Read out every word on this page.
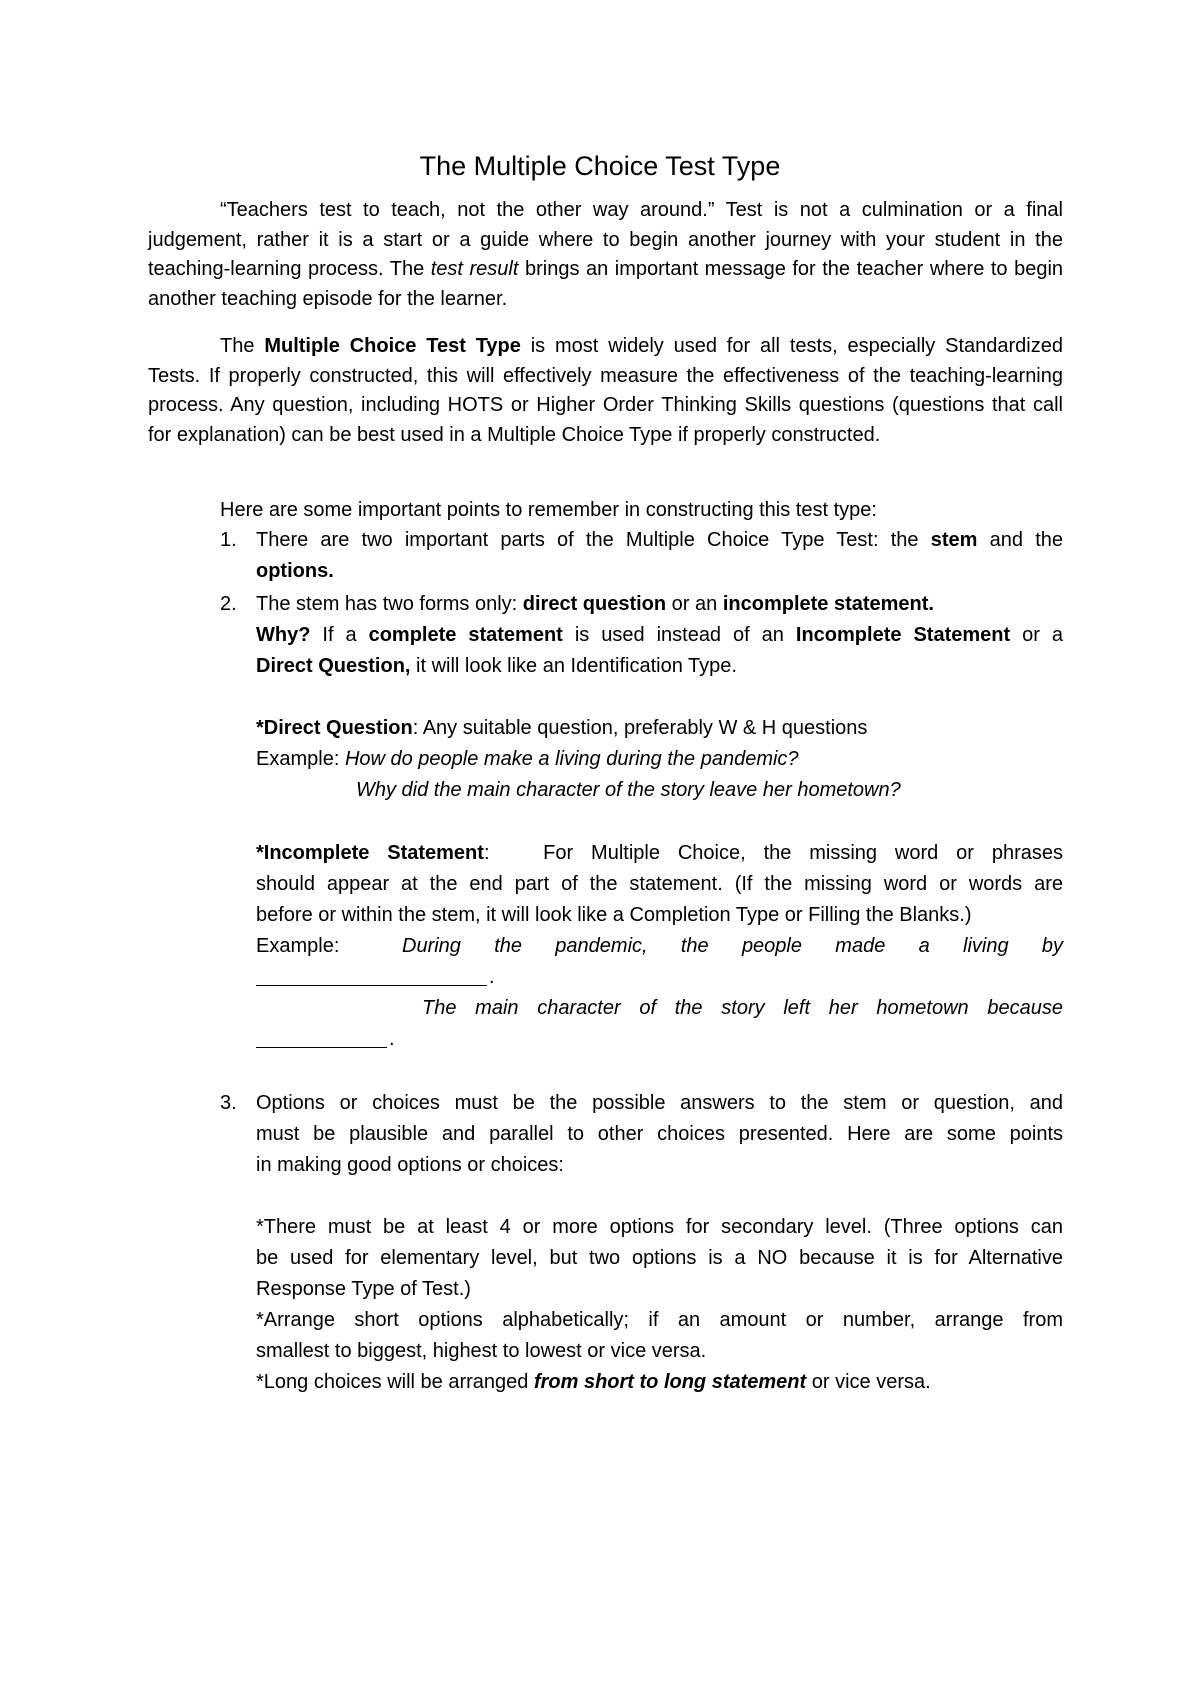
The Multiple Choice Test Type
“Teachers test to teach, not the other way around.” Test is not a culmination or a final judgement, rather it is a start or a guide where to begin another journey with your student in the teaching-learning process. The test result brings an important message for the teacher where to begin another teaching episode for the learner.
The Multiple Choice Test Type is most widely used for all tests, especially Standardized Tests. If properly constructed, this will effectively measure the effectiveness of the teaching-learning process. Any question, including HOTS or Higher Order Thinking Skills questions (questions that call for explanation) can be best used in a Multiple Choice Type if properly constructed.
Here are some important points to remember in constructing this test type:
1. There are two important parts of the Multiple Choice Type Test: the stem and the
options.
2. The stem has two forms only: direct question or an incomplete statement.
Why? If a complete statement is used instead of an Incomplete Statement or a
Direct Question, it will look like an Identification Type.
*Direct Question: Any suitable question, preferably W & H questions
Example: How do people make a living during the pandemic?
Why did the main character of the story leave her hometown?
*Incomplete Statement:	For Multiple Choice, the missing word or phrases
should appear at the end part of the statement. (If the missing word or words are
before or within the stem, it will look like a Completion Type or Filling the Blanks.)
Example:	During the pandemic, the people made a living by
.
The main character of the story left her hometown because
.
3. Options or choices must be the possible answers to the stem or question, and
must be plausible and parallel to other choices presented. Here are some points
in making good options or choices:
*There must be at least 4 or more options for secondary level. (Three options can
be used for elementary level, but two options is a NO because it is for Alternative
Response Type of Test.)
*Arrange short options alphabetically; if an amount or number, arrange from
smallest to biggest, highest to lowest or vice versa.
*Long choices will be arranged from short to long statement or vice versa.
